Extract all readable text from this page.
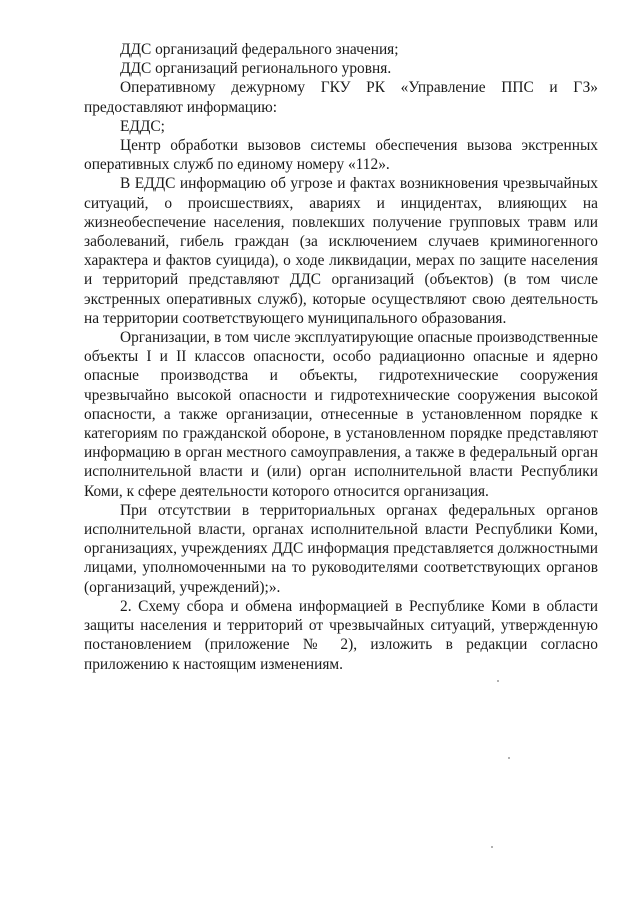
ДДС организаций федерального значения;

ДДС организаций регионального уровня.

Оперативному дежурному ГКУ РК «Управление ППС и ГЗ» предоставляют информацию:

ЕДДС;

Центр обработки вызовов системы обеспечения вызова экстренных оперативных служб по единому номеру «112».

В ЕДДС информацию об угрозе и фактах возникновения чрезвычайных ситуаций, о происшествиях, авариях и инцидентах, влияющих на жизнеобеспечение населения, повлекших получение групповых травм или заболеваний, гибель граждан (за исключением случаев криминогенного характера и фактов суицида), о ходе ликвидации, мерах по защите населения и территорий представляют ДДС организаций (объектов) (в том числе экстренных оперативных служб), которые осуществляют свою деятельность на территории соответствующего муниципального образования.

Организации, в том числе эксплуатирующие опасные производственные объекты I и II классов опасности, особо радиационно опасные и ядерно опасные производства и объекты, гидротехнические сооружения чрезвычайно высокой опасности и гидротехнические сооружения высокой опасности, а также организации, отнесенные в установленном порядке к категориям по гражданской обороне, в установленном порядке представляют информацию в орган местного самоуправления, а также в федеральный орган исполнительной власти и (или) орган исполнительной власти Республики Коми, к сфере деятельности которого относится организация.

При отсутствии в территориальных органах федеральных органов исполнительной власти, органах исполнительной власти Республики Коми, организациях, учреждениях ДДС информация представляется должностными лицами, уполномоченными на то руководителями соответствующих органов (организаций, учреждений);».

2. Схему сбора и обмена информацией в Республике Коми в области защиты населения и территорий от чрезвычайных ситуаций, утвержденную постановлением (приложение № 2), изложить в редакции согласно приложению к настоящим изменениям.
